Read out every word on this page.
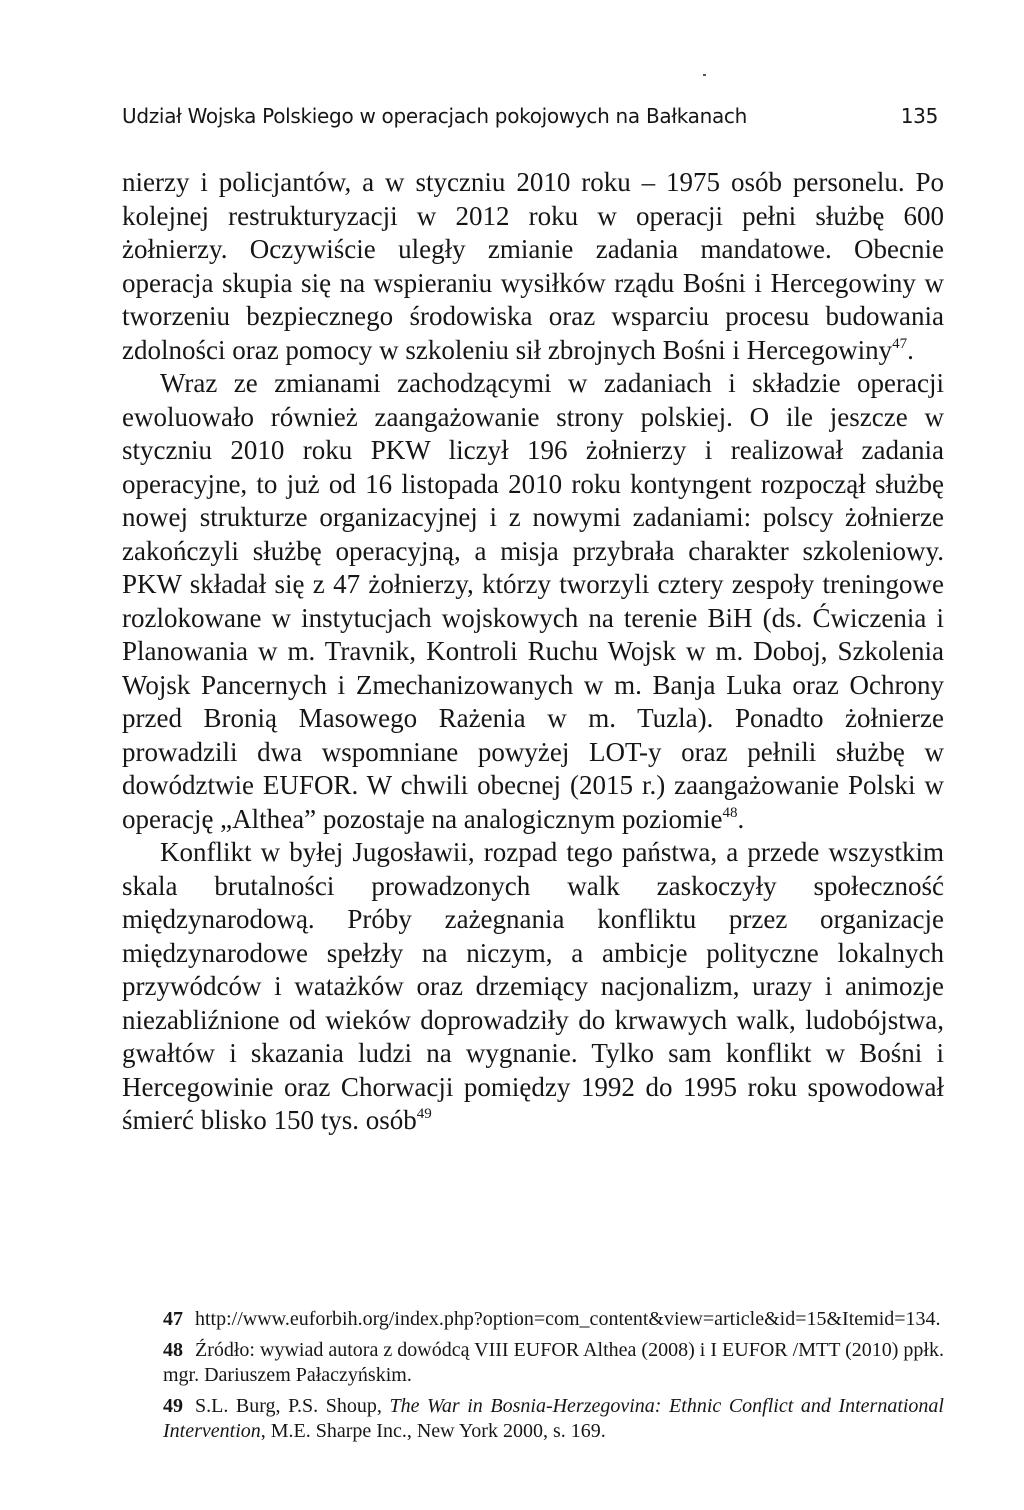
Udział Wojska Polskiego w operacjach pokojowych na Bałkanach	135

nierzy i policjantów, a w styczniu 2010 roku – 1975 osób personelu. Po kolejnej restrukturyzacji w 2012 roku w operacji pełni służbę 600 żołnierzy. Oczywiście uległy zmianie zadania mandatowe. Obecnie operacja skupia się na wspieraniu wysiłków rządu Bośni i Hercegowiny w tworzeniu bezpiecznego środowiska oraz wsparciu procesu budowania zdolności oraz pomocy w szkoleniu sił zbrojnych Bośni i Hercegowiny$^{47}$.

Wraz ze zmianami zachodzącymi w zadaniach i składzie operacji ewoluowało również zaangażowanie strony polskiej. O ile jeszcze w styczniu 2010 roku PKW liczył 196 żołnierzy i realizował zadania operacyjne, to już od 16 listopada 2010 roku kontyngent rozpoczął służbę nowej strukturze organizacyjnej i z nowymi zadaniami: polscy żołnierze zakończyli służbę operacyjną, a misja przybrała charakter szkoleniowy. PKW składał się z 47 żołnierzy, którzy tworzyli cztery zespoły treningowe rozlokowane w instytucjach wojskowych na terenie BiH (ds. Ćwiczenia i Planowania w m. Travnik, Kontroli Ruchu Wojsk w m. Doboj, Szkolenia Wojsk Pancernych i Zmechanizowanych w m. Banja Luka oraz Ochrony przed Bronią Masowego Rażenia w m. Tuzla). Ponadto żołnierze prowadzili dwa wspomniane powyżej LOT-y oraz pełnili służbę w dowództwie EUFOR. W chwili obecnej (2015 r.) zaangażowanie Polski w operację „Althea” pozostaje na analogicznym poziomie$^{48}$.

Konflikt w byłej Jugosławii, rozpad tego państwa, a przede wszystkim skala brutalności prowadzonych walk zaskoczyły społeczność międzynarodową. Próby zażegnania konfliktu przez organizacje międzynarodowe spełzły na niczym, a ambicje polityczne lokalnych przywódców i watażków oraz drzemiący nacjonalizm, urazy i animozje niezabliźnione od wieków doprowadziły do krwawych walk, ludobójstwa, gwałtów i skazania ludzi na wygnanie. Tylko sam konflikt w Bośni i Hercegowinie oraz Chorwacji pomiędzy 1992 do 1995 roku spowodował śmierć blisko 150 tys. osób$^{49}$

47 http://www.euforbih.org/index.php?option=com_content&view=article&id=15&Itemid=134.

48 Źródło: wywiad autora z dowódcą VIII EUFOR Althea (2008) i I EUFOR /MTT (2010) ppłk. mgr. Dariuszem Pałaczyńskim.

49 S.L. Burg, P.S. Shoup, The War in Bosnia-Herzegovina: Ethnic Conflict and International Intervention, M.E. Sharpe Inc., New York 2000, s. 169.
